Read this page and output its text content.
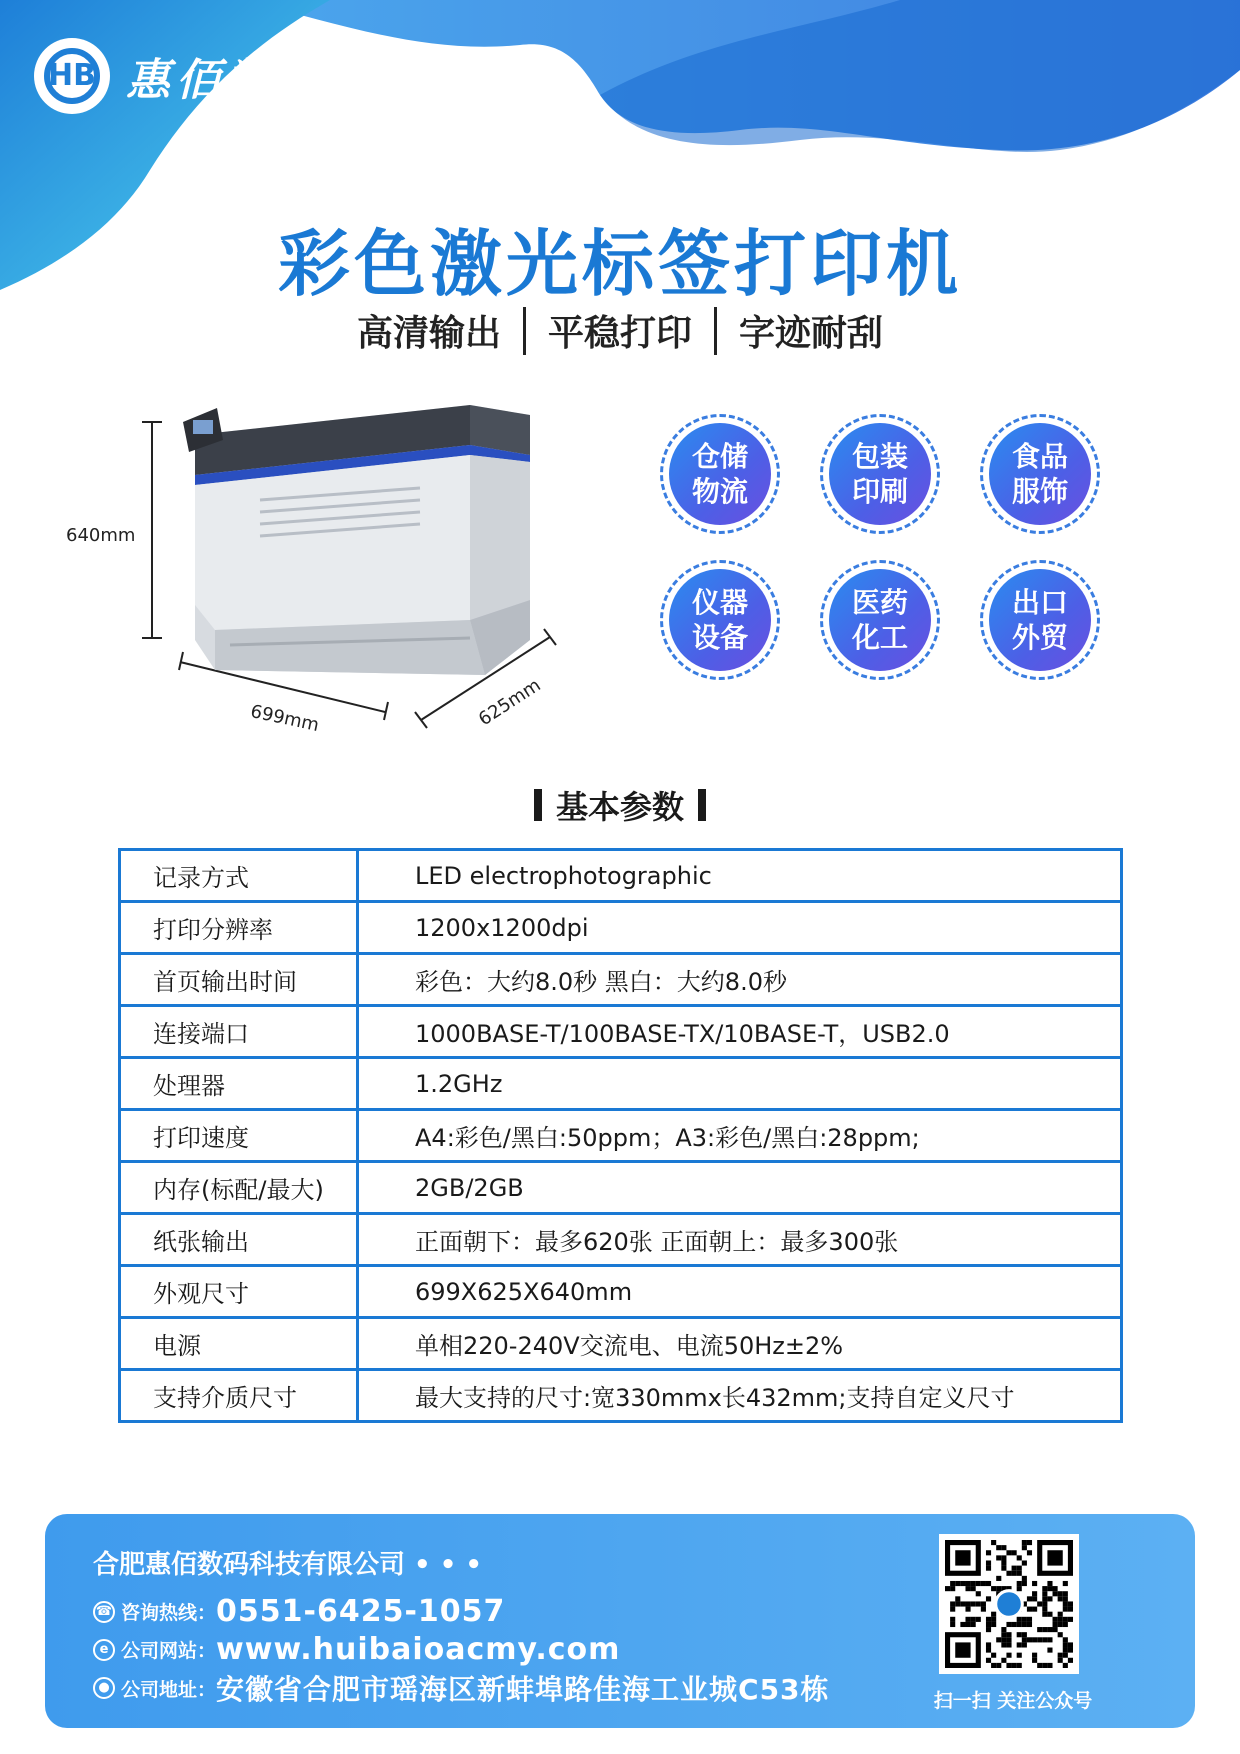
HB 惠佰数科
彩色激光标签打印机
高清输出 平稳打印 字迹耐刮
640mm
699mm	625mm
仓储
物流
包装
印刷
食品
服饰
仪器
设备
医药
化工
出口
外贸
基本参数
记录方式	LED electrophotographic
打印分辨率	1200x1200dpi
首页输出时间	彩色：大约8.0秒 黑白：大约8.0秒
连接端口	1000BASE-T/100BASE-TX/10BASE-T，USB2.0
处理器	1.2GHz
打印速度	A4:彩色/黑白:50ppm；A3:彩色/黑白:28ppm;
内存(标配/最大)	2GB/2GB
纸张输出	正面朝下：最多620张 正面朝上：最多300张
外观尺寸	699X625X640mm
电源	单相220-240V交流电、电流50Hz±2%
支持介质尺寸	最大支持的尺寸:宽330mmx长432mm;支持自定义尺寸
合肥惠佰数码科技有限公司 • • •
☎ 咨询热线： 0551-6425-1057
e 公司网站： www.huibaioacmy.com
● 公司地址： 安徽省合肥市瑶海区新蚌埠路佳海工业城C53栋	扫一扫 关注公众号
